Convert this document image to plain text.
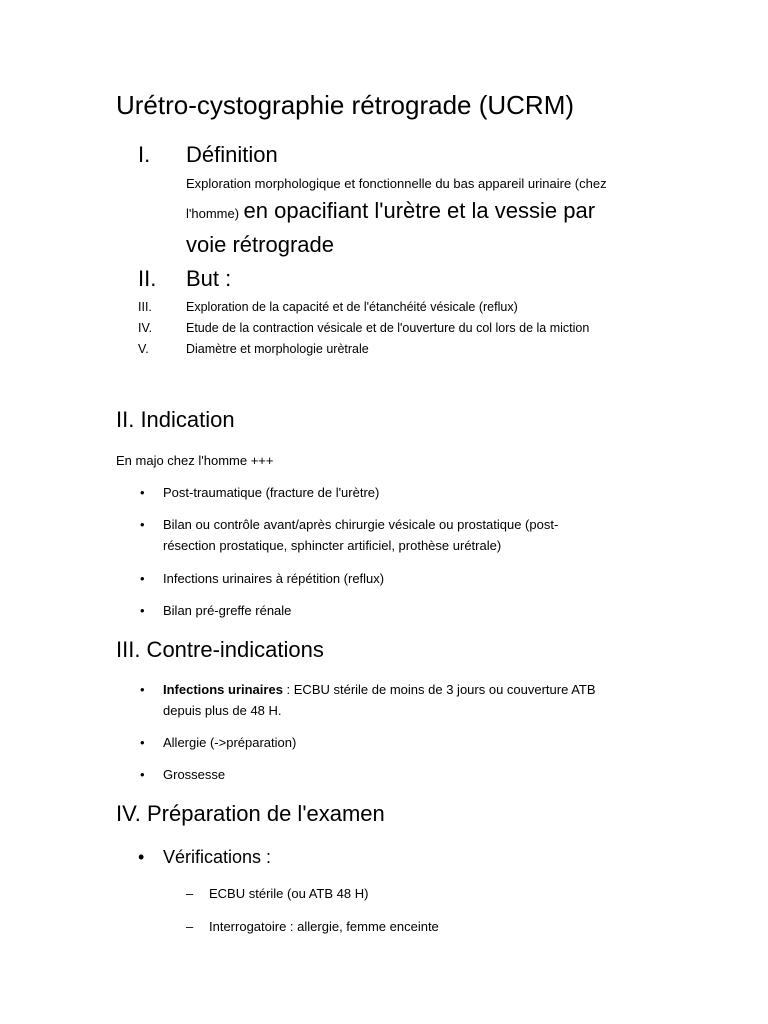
Urétro-cystographie rétrograde (UCRM)
I. Définition
Exploration morphologique et fonctionnelle du bas appareil urinaire (chez
l'homme) en opacifiant l'urètre et la vessie par
voie rétrograde
II. But :
III.	Exploration de la capacité et de l'étanchéité vésicale (reflux)
IV.	Etude de la contraction vésicale et de l'ouverture du col lors de la miction
V.	Diamètre et morphologie urètrale
II. Indication
En majo chez l'homme +++
• Post-traumatique (fracture de l'urètre)
• Bilan ou contrôle avant/après chirurgie vésicale ou prostatique (post-
résection prostatique, sphincter artificiel, prothèse urétrale)
• Infections urinaires à répétition (reflux)
• Bilan pré-greffe rénale
III. Contre-indications
• Infections urinaires : ECBU stérile de moins de 3 jours ou couverture ATB
depuis plus de 48 H.
• Allergie (->préparation)
• Grossesse
IV. Préparation de l'examen
• Vérifications :
– ECBU stérile (ou ATB 48 H)
– Interrogatoire : allergie, femme enceinte
